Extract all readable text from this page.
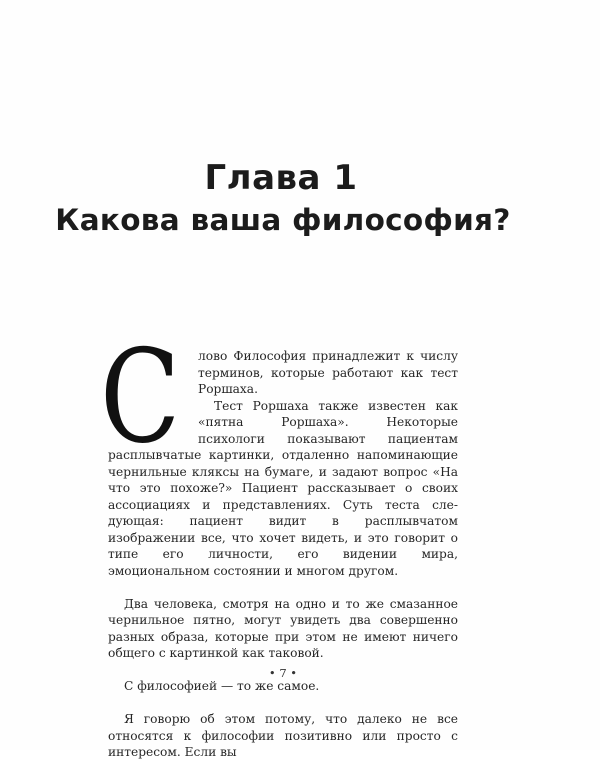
Глава 1
Какова ваша философия?

С лово Философия принадлежит к числу терминов, которые работают как тест Роршаха.

Тест Роршаха также известен как «пятна Роршаха». Некоторые психологи показывают пациентам расплывчатые картинки, отдаленно напоминающие чернильные кляксы на бумаге, и задают вопрос «На что это похоже?» Пациент рассказывает о своих ассоциациях и представлениях. Суть теста следующая: пациент видит в расплывчатом изображении все, что хочет видеть, и это говорит о типе его личности, его видении мира, эмоциональном состоянии и многом другом.

Два человека, смотря на одно и то же смазанное чернильное пятно, могут увидеть два совершенно разных образа, которые при этом не имеют ничего общего с картинкой как таковой.

С философией — то же самое.

Я говорю об этом потому, что далеко не все относятся к философии позитивно или просто с интересом. Если вы

• 7 •
